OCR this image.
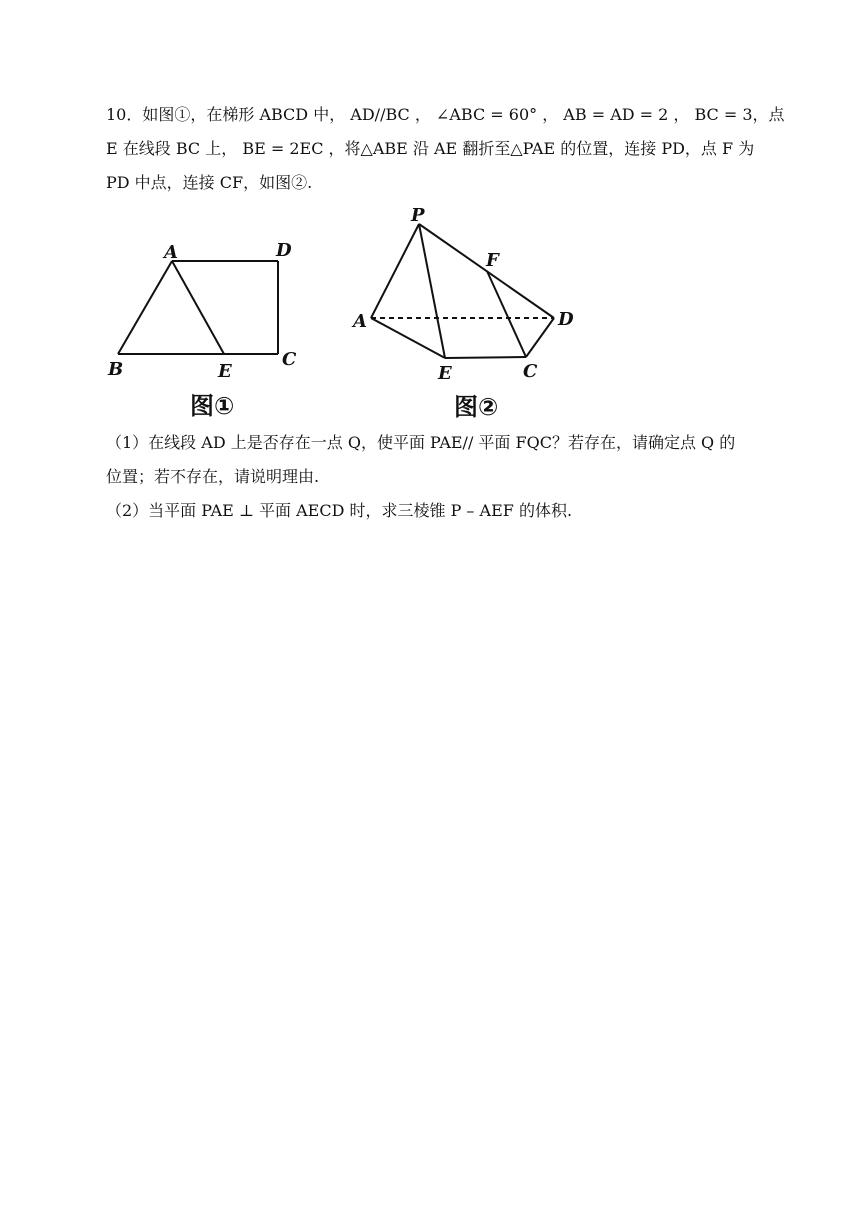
10．如图①，在梯形 ABCD 中， AD//BC ， ∠ABC = 60° ， AB = AD = 2 ， BC = 3，点
E 在线段 BC 上， BE = 2EC ，将△ABE 沿 AE 翻折至△PAE 的位置，连接 PD，点 F 为
PD 中点，连接 CF，如图②.
A	D
B	E
C
图①
P
F
A	D
E	C
图②
（1）在线段 AD 上是否存在一点 Q，使平面 PAE// 平面 FQC？若存在，请确定点 Q 的
位置；若不存在，请说明理由.
（2）当平面 PAE ⊥ 平面 AECD 时，求三棱锥 P – AEF 的体积.
